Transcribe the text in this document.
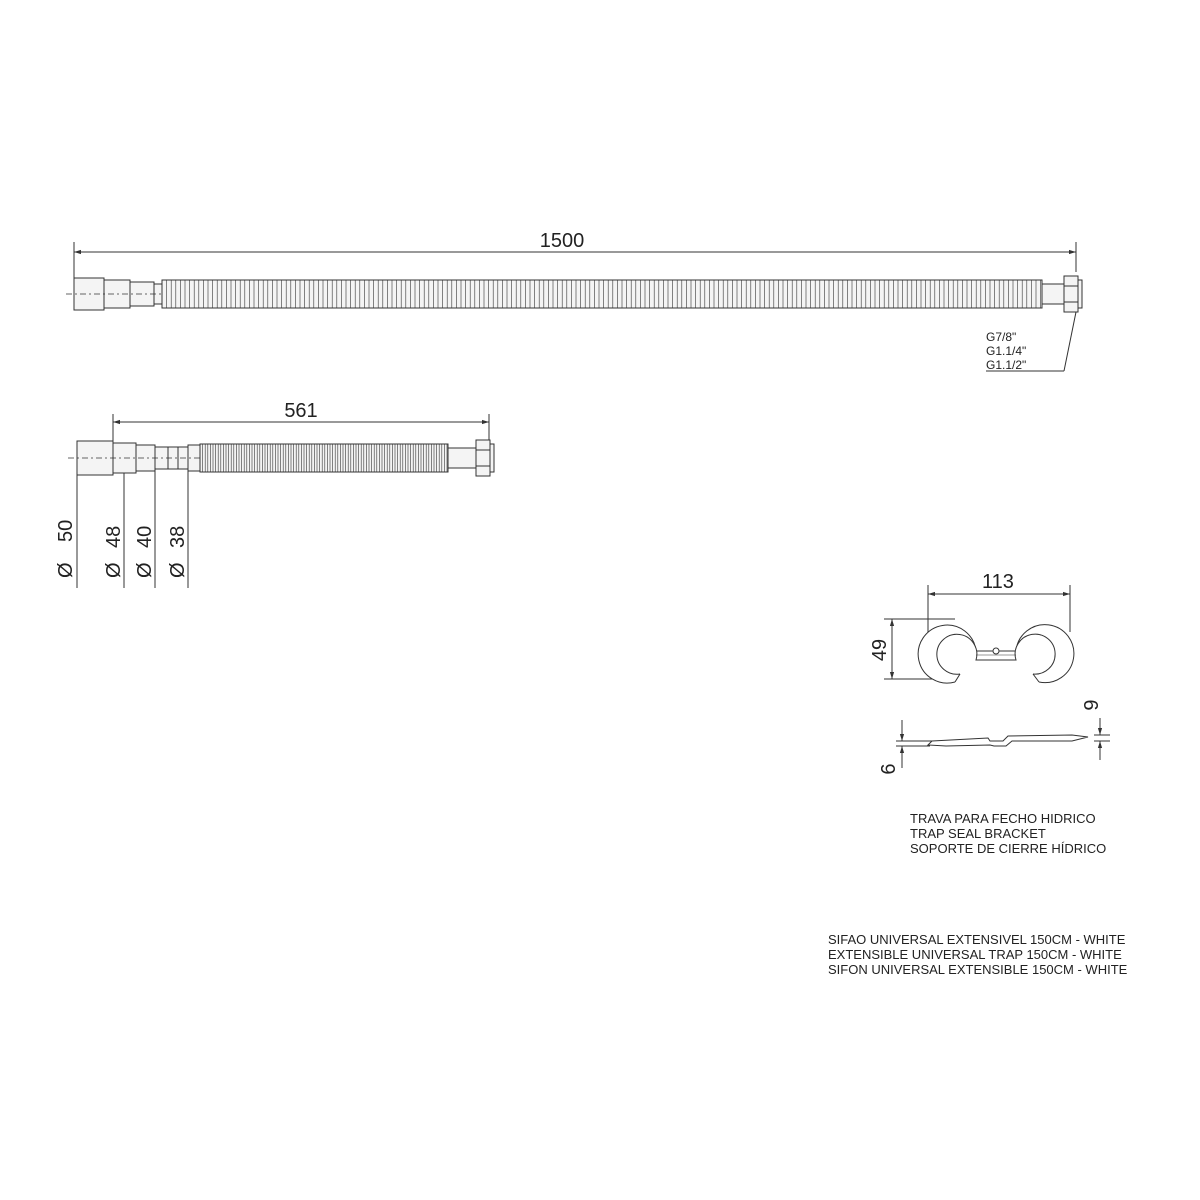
1500
G7/8"
G1.1/4"
G1.1/2"
561
Ø
50
Ø
48
Ø
40
Ø
38
113
49
9
6
TRAVA PARA FECHO HIDRICO
TRAP SEAL BRACKET
SOPORTE DE CIERRE HÍDRICO
SIFAO UNIVERSAL EXTENSIVEL 150CM - WHITE
EXTENSIBLE UNIVERSAL TRAP 150CM - WHITE
SIFON UNIVERSAL EXTENSIBLE 150CM - WHITE
